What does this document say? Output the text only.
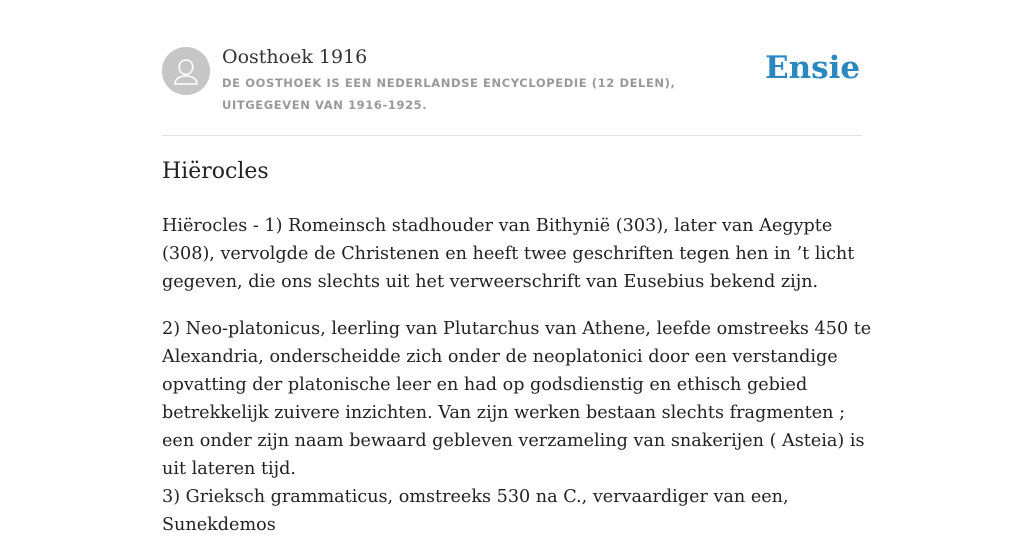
Oosthoek 1916
DE OOSTHOEK IS EEN NEDERLANDSE ENCYCLOPEDIE (12 DELEN), UITGEGEVEN VAN 1916-1925.
Ensie
Hiërocles

Hiërocles - 1) Romeinsch stadhouder van Bithynië (303), later van Aegypte (308), vervolgde de Christenen en heeft twee geschriften tegen hen in ’t licht gegeven, die ons slechts uit het verweerschrift van Eusebius bekend zijn.

2) Neo-platonicus, leerling van Plutarchus van Athene, leefde omstreeks 450 te Alexandria, onderscheidde zich onder de neoplatonici door een verstandige opvatting der platonische leer en had op godsdienstig en ethisch gebied betrekkelijk zuivere inzichten. Van zijn werken bestaan slechts fragmenten ; een onder zijn naam bewaard gebleven verzameling van snakerijen ( Asteia) is uit lateren tijd.

3) Grieksch grammaticus, omstreeks 530 na C., vervaardiger van een, Sunekdemos
